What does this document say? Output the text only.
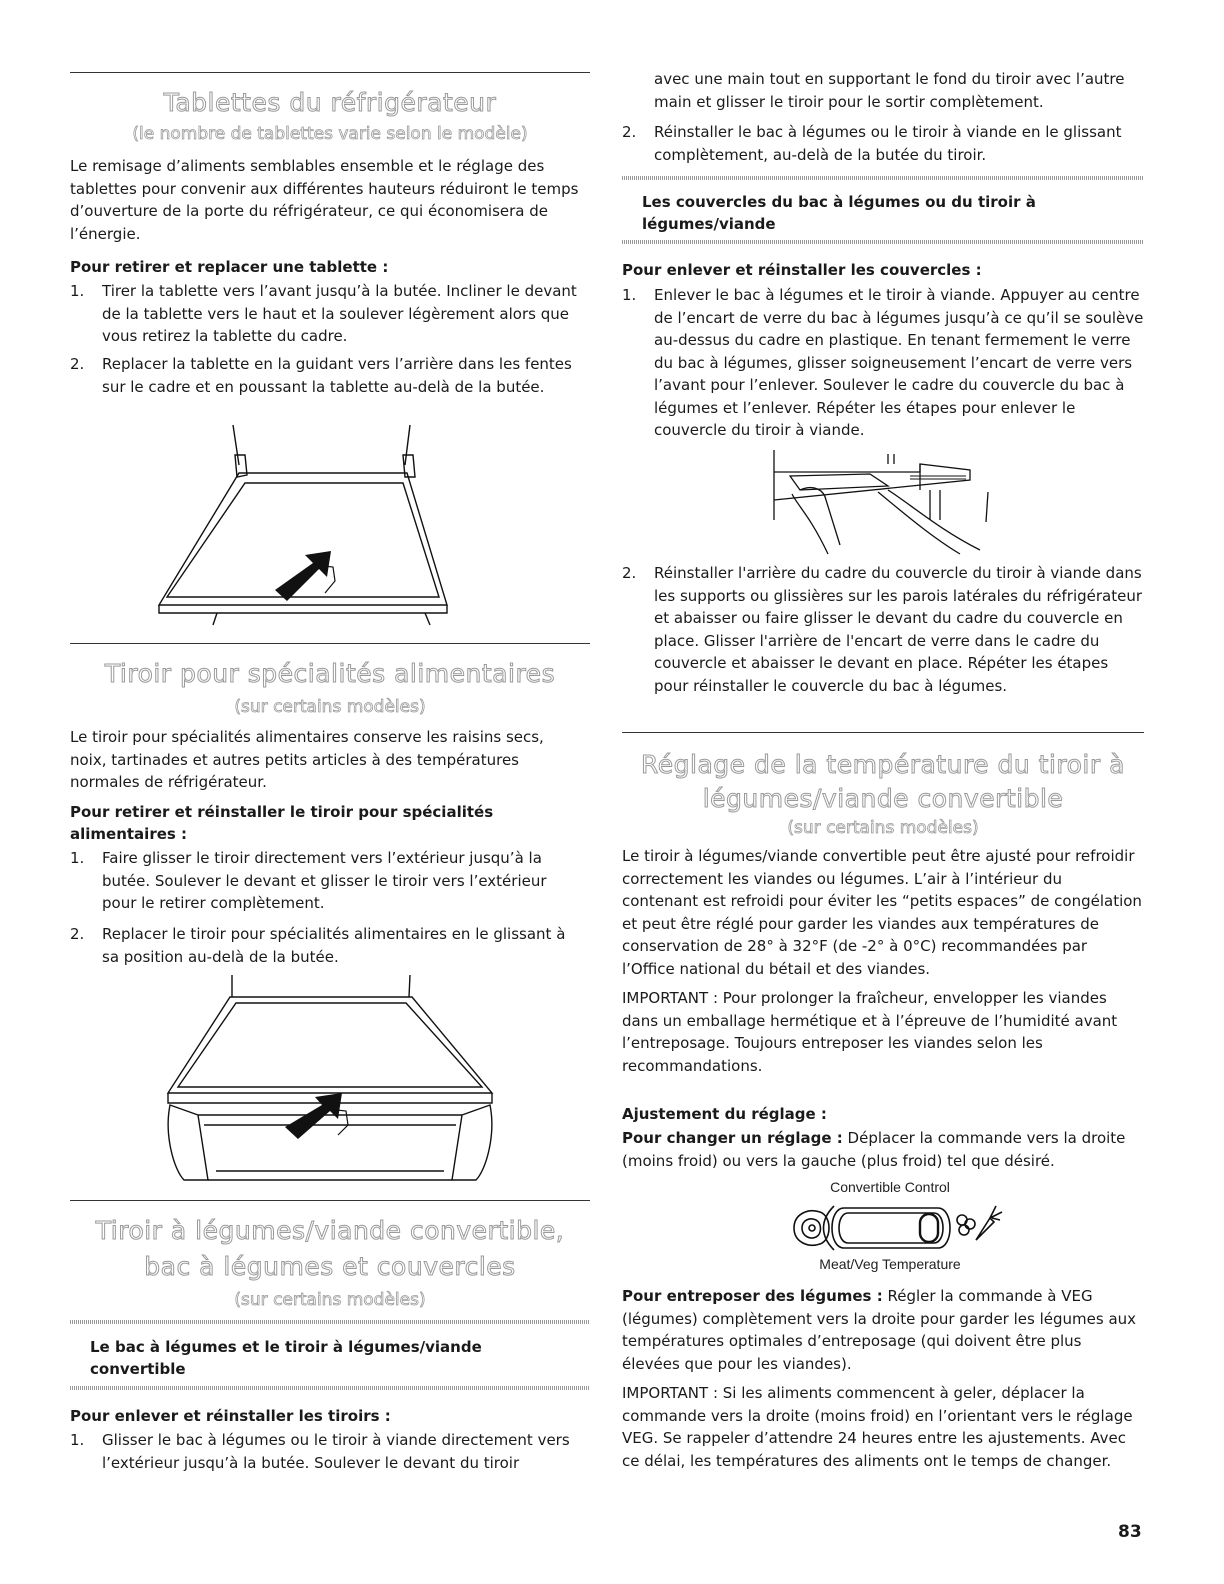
Tablettes du réfrigérateur
(le nombre de tablettes varie selon le modèle)
Le remisage d’aliments semblables ensemble et le réglage des tablettes pour convenir aux différentes hauteurs réduiront le temps d’ouverture de la porte du réfrigérateur, ce qui économisera de l’énergie.
Pour retirer et replacer une tablette :
1. Tirer la tablette vers l’avant jusqu’à la butée. Incliner le devant de la tablette vers le haut et la soulever légèrement alors que vous retirez la tablette du cadre.
2. Replacer la tablette en la guidant vers l’arrière dans les fentes sur le cadre et en poussant la tablette au-delà de la butée.
Tiroir pour spécialités alimentaires
(sur certains modèles)
Le tiroir pour spécialités alimentaires conserve les raisins secs, noix, tartinades et autres petits articles à des températures normales de réfrigérateur.
Pour retirer et réinstaller le tiroir pour spécialités alimentaires :
1. Faire glisser le tiroir directement vers l’extérieur jusqu’à la butée. Soulever le devant et glisser le tiroir vers l’extérieur pour le retirer complètement.
2. Replacer le tiroir pour spécialités alimentaires en le glissant à sa position au-delà de la butée.
Tiroir à légumes/viande convertible,
bac à légumes et couvercles
(sur certains modèles)
Le bac à légumes et le tiroir à légumes/viande convertible
Pour enlever et réinstaller les tiroirs :
1. Glisser le bac à légumes ou le tiroir à viande directement vers l’extérieur jusqu’à la butée. Soulever le devant du tiroir
avec une main tout en supportant le fond du tiroir avec l’autre main et glisser le tiroir pour le sortir complètement.
2. Réinstaller le bac à légumes ou le tiroir à viande en le glissant complètement, au-delà de la butée du tiroir.
Les couvercles du bac à légumes ou du tiroir à légumes/viande
Pour enlever et réinstaller les couvercles :
1. Enlever le bac à légumes et le tiroir à viande. Appuyer au centre de l’encart de verre du bac à légumes jusqu’à ce qu’il se soulève au-dessus du cadre en plastique. En tenant fermement le verre du bac à légumes, glisser soigneusement l’encart de verre vers l’avant pour l’enlever. Soulever le cadre du couvercle du bac à légumes et l’enlever. Répéter les étapes pour enlever le couvercle du tiroir à viande.
2. Réinstaller l'arrière du cadre du couvercle du tiroir à viande dans les supports ou glissières sur les parois latérales du réfrigérateur et abaisser ou faire glisser le devant du cadre du couvercle en place. Glisser l'arrière de l'encart de verre dans le cadre du couvercle et abaisser le devant en place. Répéter les étapes pour réinstaller le couvercle du bac à légumes.
Réglage de la température du tiroir à
légumes/viande convertible
(sur certains modèles)
Le tiroir à légumes/viande convertible peut être ajusté pour refroidir correctement les viandes ou légumes. L’air à l’intérieur du contenant est refroidi pour éviter les “petits espaces” de congélation et peut être réglé pour garder les viandes aux températures de conservation de 28° à 32°F (de -2° à 0°C) recommandées par l’Office national du bétail et des viandes.
IMPORTANT : Pour prolonger la fraîcheur, envelopper les viandes dans un emballage hermétique et à l’épreuve de l’humidité avant l’entreposage. Toujours entreposer les viandes selon les recommandations.
Ajustement du réglage :
Pour changer un réglage : Déplacer la commande vers la droite (moins froid) ou vers la gauche (plus froid) tel que désiré.
Convertible Control
Meat/Veg Temperature
Pour entreposer des légumes : Régler la commande à VEG (légumes) complètement vers la droite pour garder les légumes aux températures optimales d’entreposage (qui doivent être plus élevées que pour les viandes).
IMPORTANT : Si les aliments commencent à geler, déplacer la commande vers la droite (moins froid) en l’orientant vers le réglage VEG. Se rappeler d’attendre 24 heures entre les ajustements. Avec ce délai, les températures des aliments ont le temps de changer.
83
